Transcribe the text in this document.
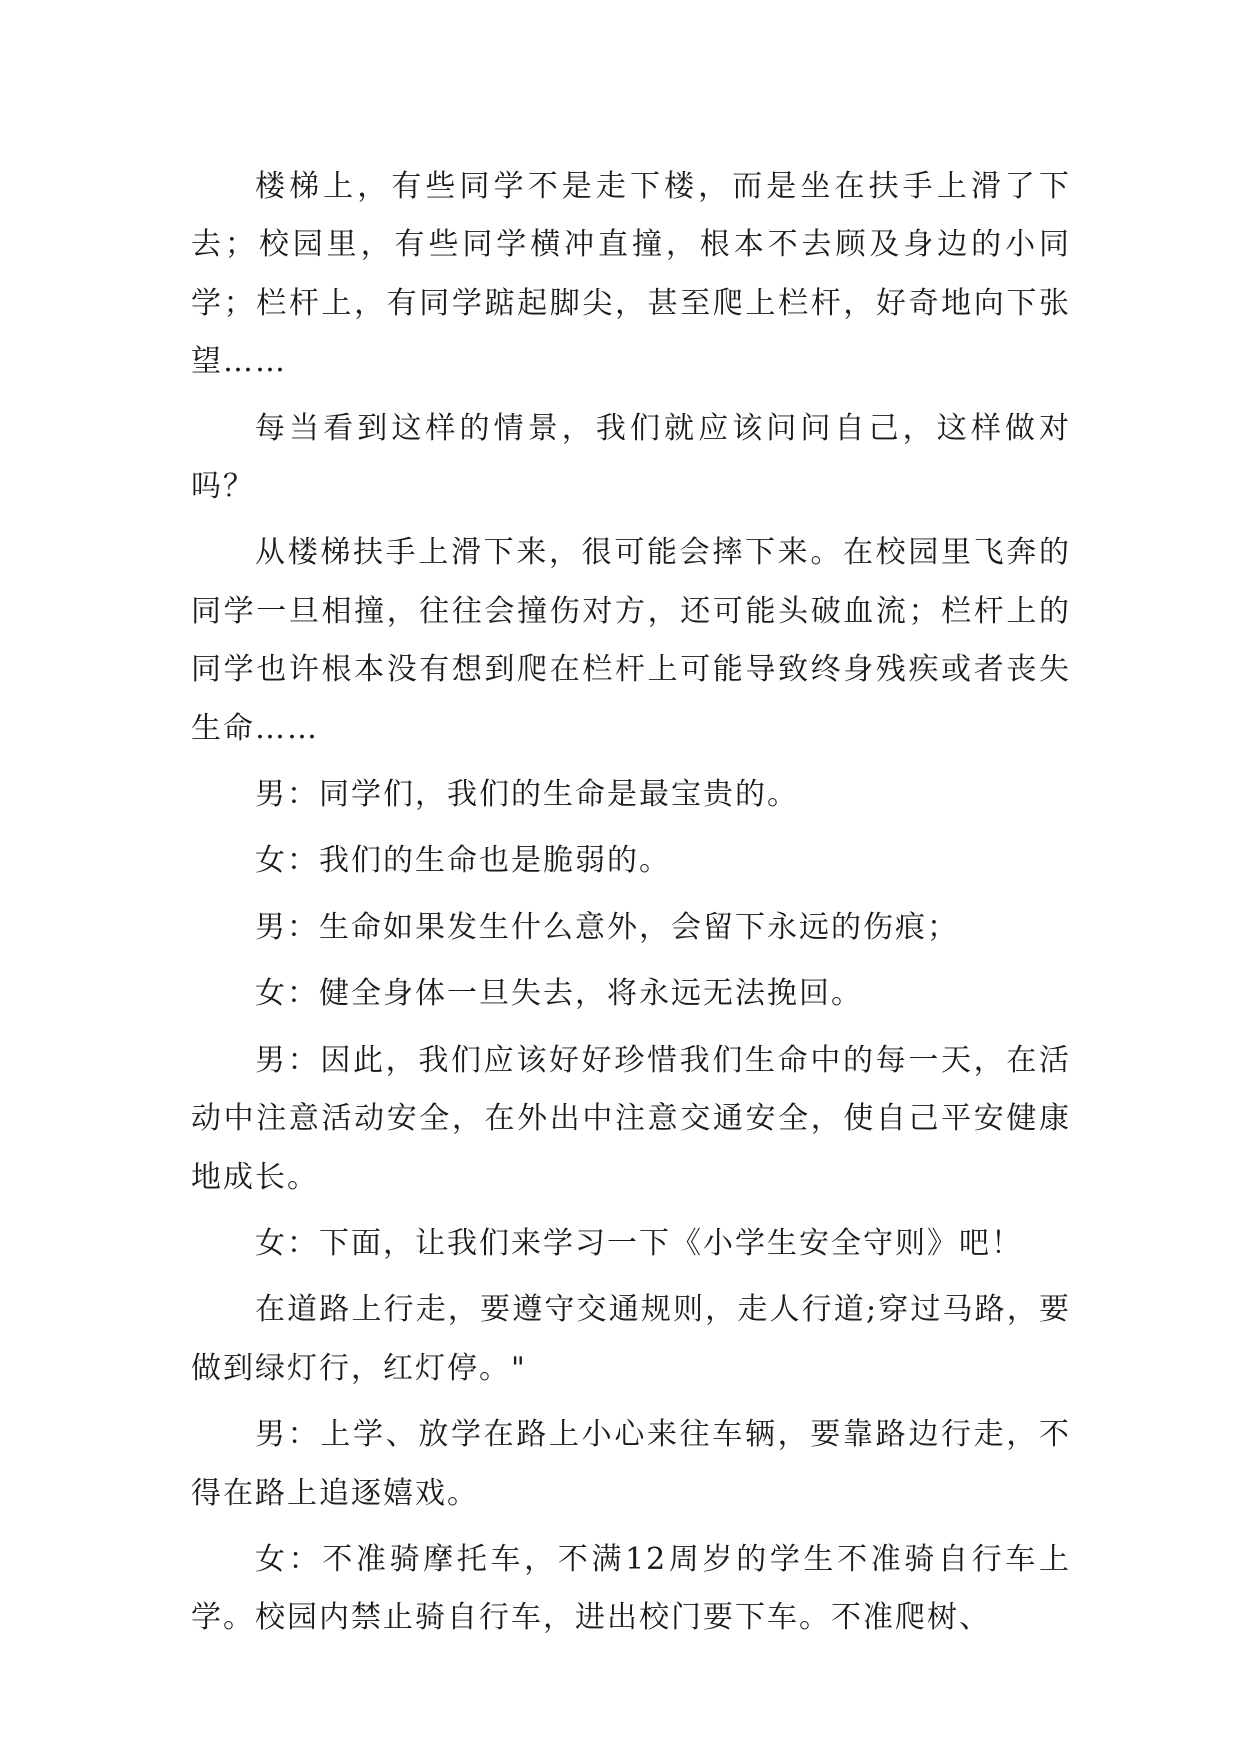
楼梯上，有些同学不是走下楼，而是坐在扶手上滑了下去；校园里，有些同学横冲直撞，根本不去顾及身边的小同学；栏杆上，有同学踮起脚尖，甚至爬上栏杆，好奇地向下张望……

每当看到这样的情景，我们就应该问问自己，这样做对吗？

从楼梯扶手上滑下来，很可能会摔下来。在校园里飞奔的同学一旦相撞，往往会撞伤对方，还可能头破血流；栏杆上的同学也许根本没有想到爬在栏杆上可能导致终身残疾或者丧失生命……

男：同学们，我们的生命是最宝贵的。

女：我们的生命也是脆弱的。

男：生命如果发生什么意外，会留下永远的伤痕；

女：健全身体一旦失去，将永远无法挽回。

男：因此，我们应该好好珍惜我们生命中的每一天，在活动中注意活动安全，在外出中注意交通安全，使自己平安健康地成长。

女：下面，让我们来学习一下《小学生安全守则》吧！

在道路上行走，要遵守交通规则，走人行道;穿过马路，要做到绿灯行，红灯停。"

男：上学、放学在路上小心来往车辆，要靠路边行走，不得在路上追逐嬉戏。

女：不准骑摩托车，不满12周岁的学生不准骑自行车上学。校园内禁止骑自行车，进出校门要下车。不准爬树、
